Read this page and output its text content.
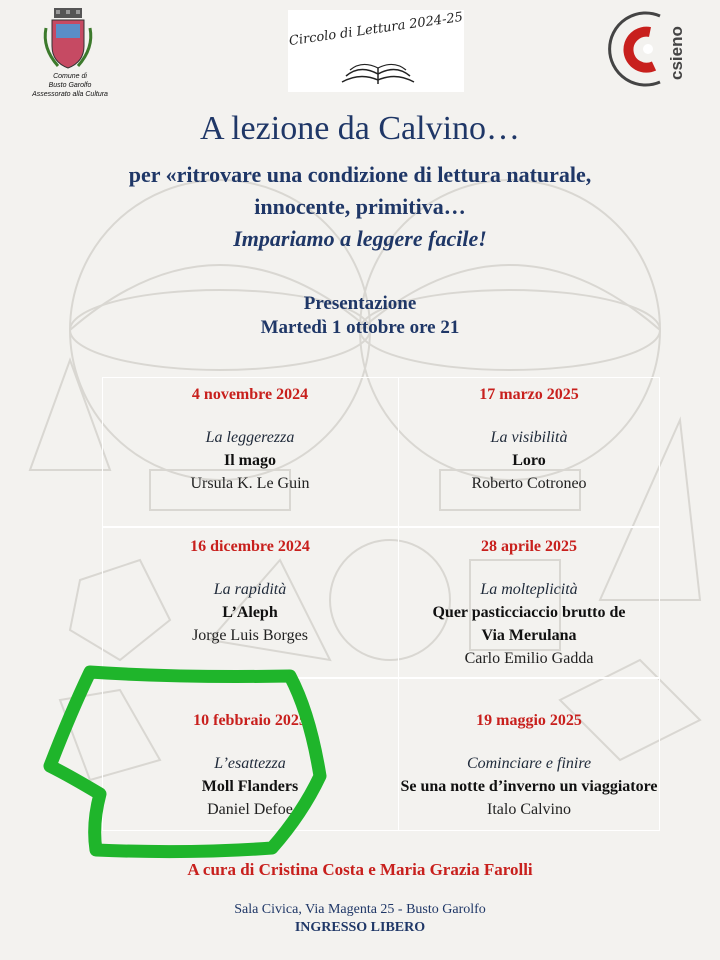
Comune di
Busto Garolfo
Assessorato alla Cultura
Circolo di Lettura 2024-25	csieno
A lezione da Calvino…
per «ritrovare una condizione di lettura naturale,
innocente, primitiva…
Impariamo a leggere facile!
Presentazione
Martedì 1 ottobre ore 21
4 novembre 2024
La leggerezza
Il mago
Ursula K. Le Guin
17 marzo 2025
La visibilità
Loro
Roberto Cotroneo
16 dicembre 2024
La rapidità
L’Aleph
Jorge Luis Borges
28 aprile 2025
La molteplicità
Quer pasticciaccio brutto de
Via Merulana
Carlo Emilio Gadda
10 febbraio 2025
L’esattezza
Moll Flanders
Daniel Defoe
19 maggio 2025
Cominciare e finire
Se una notte d’inverno un viaggiatore
Italo Calvino
A cura di Cristina Costa e Maria Grazia Farolli
Sala Civica, Via Magenta 25 - Busto Garolfo
INGRESSO LIBERO
